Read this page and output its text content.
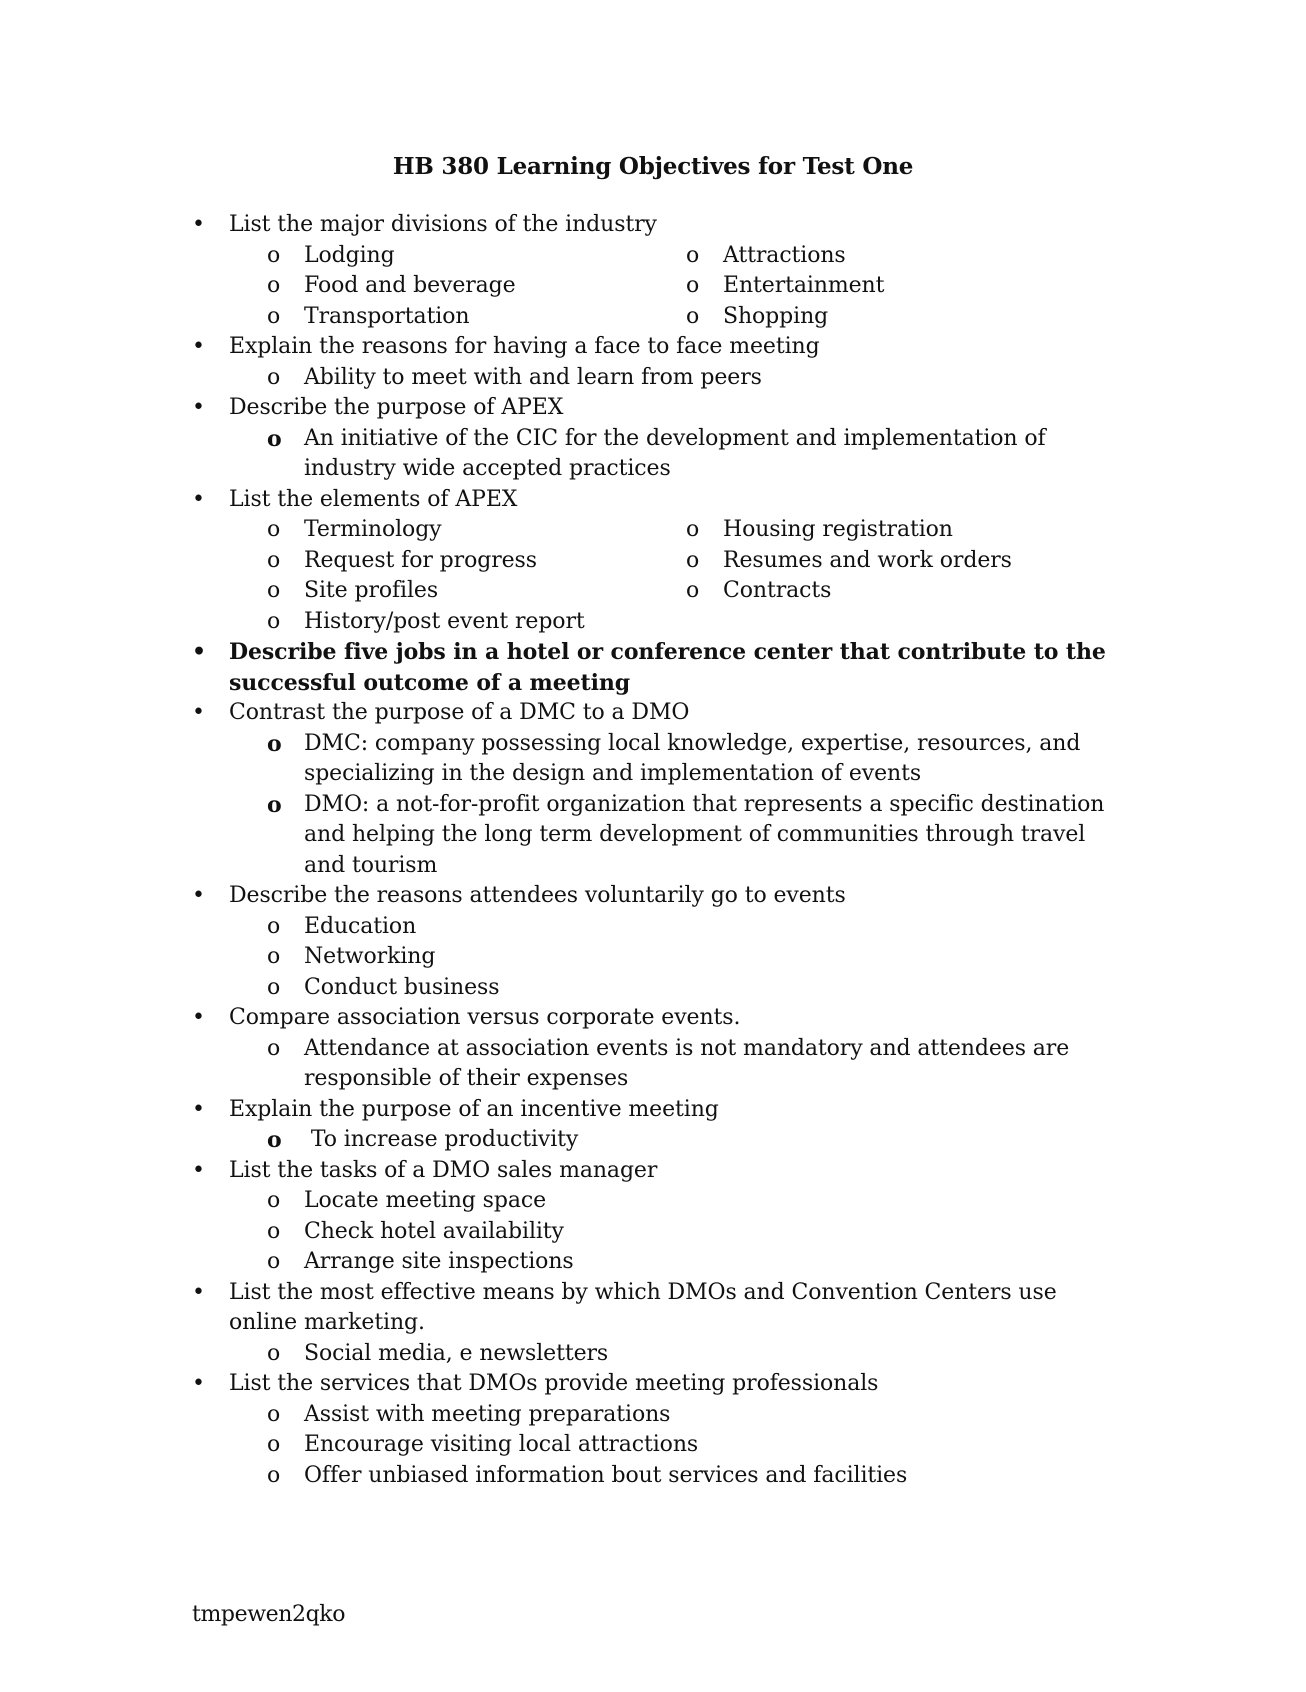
HB 380 Learning Objectives for Test One
• List the major divisions of the industry
o Lodging
o Food and beverage
o Transportation
o Attractions
o Entertainment
o Shopping
• Explain the reasons for having a face to face meeting
o Ability to meet with and learn from peers
• Describe the purpose of APEX
o An initiative of the CIC for the development and implementation of industry wide accepted practices
• List the elements of APEX
o Terminology
o Request for progress
o Site profiles
o History/post event report
o Housing registration
o Resumes and work orders
o Contracts
• Describe five jobs in a hotel or conference center that contribute to the successful outcome of a meeting
• Contrast the purpose of a DMC to a DMO
o DMC: company possessing local knowledge, expertise, resources, and specializing in the design and implementation of events
o DMO: a not-for-profit organization that represents a specific destination and helping the long term development of communities through travel and tourism
• Describe the reasons attendees voluntarily go to events
o Education
o Networking
o Conduct business
• Compare association versus corporate events.
o Attendance at association events is not mandatory and attendees are responsible of their expenses
• Explain the purpose of an incentive meeting
o  To increase productivity
• List the tasks of a DMO sales manager
o Locate meeting space
o Check hotel availability
o Arrange site inspections
• List the most effective means by which DMOs and Convention Centers use online marketing.
o Social media, e newsletters
• List the services that DMOs provide meeting professionals
o Assist with meeting preparations
o Encourage visiting local attractions
o Offer unbiased information bout services and facilities
tmpewen2qko
